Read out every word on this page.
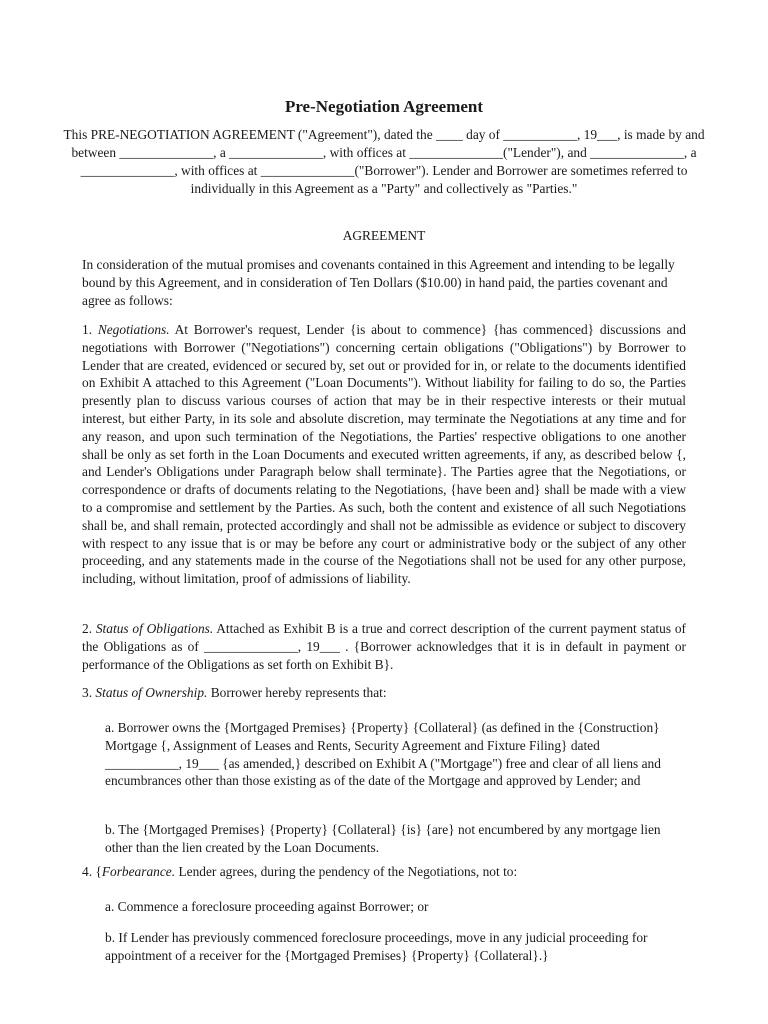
Pre-Negotiation Agreement
This PRE-NEGOTIATION AGREEMENT ("Agreement"), dated the ____ day of ___________, 19___, is made by and between ______________, a ______________, with offices at ______________("Lender"), and ______________, a ______________, with offices at ______________("Borrower"). Lender and Borrower are sometimes referred to individually in this Agreement as a "Party" and collectively as "Parties."
AGREEMENT

In consideration of the mutual promises and covenants contained in this Agreement and intending to be legally bound by this Agreement, and in consideration of Ten Dollars ($10.00) in hand paid, the parties covenant and agree as follows:

1. Negotiations. At Borrower's request, Lender {is about to commence} {has commenced} discussions and negotiations with Borrower ("Negotiations") concerning certain obligations ("Obligations") by Borrower to Lender that are created, evidenced or secured by, set out or provided for in, or relate to the documents identified on Exhibit A attached to this Agreement ("Loan Documents"). Without liability for failing to do so, the Parties presently plan to discuss various courses of action that may be in their respective interests or their mutual interest, but either Party, in its sole and absolute discretion, may terminate the Negotiations at any time and for any reason, and upon such termination of the Negotiations, the Parties' respective obligations to one another shall be only as set forth in the Loan Documents and executed written agreements, if any, as described below {, and Lender's Obligations under Paragraph below shall terminate}. The Parties agree that the Negotiations, or correspondence or drafts of documents relating to the Negotiations, {have been and} shall be made with a view to a compromise and settlement by the Parties. As such, both the content and existence of all such Negotiations shall be, and shall remain, protected accordingly and shall not be admissible as evidence or subject to discovery with respect to any issue that is or may be before any court or administrative body or the subject of any other proceeding, and any statements made in the course of the Negotiations shall not be used for any other purpose, including, without limitation, proof of admissions of liability.

2. Status of Obligations. Attached as Exhibit B is a true and correct description of the current payment status of the Obligations as of ______________, 19___ . {Borrower acknowledges that it is in default in payment or performance of the Obligations as set forth on Exhibit B}.

3. Status of Ownership. Borrower hereby represents that:

a. Borrower owns the {Mortgaged Premises} {Property} {Collateral} (as defined in the {Construction} Mortgage {, Assignment of Leases and Rents, Security Agreement and Fixture Filing} dated ___________, 19___ {as amended,} described on Exhibit A ("Mortgage") free and clear of all liens and encumbrances other than those existing as of the date of the Mortgage and approved by Lender; and

b. The {Mortgaged Premises} {Property} {Collateral} {is} {are} not encumbered by any mortgage lien other than the lien created by the Loan Documents.

4. {Forbearance. Lender agrees, during the pendency of the Negotiations, not to:

a. Commence a foreclosure proceeding against Borrower; or

b. If Lender has previously commenced foreclosure proceedings, move in any judicial proceeding for appointment of a receiver for the {Mortgaged Premises} {Property} {Collateral}.}
